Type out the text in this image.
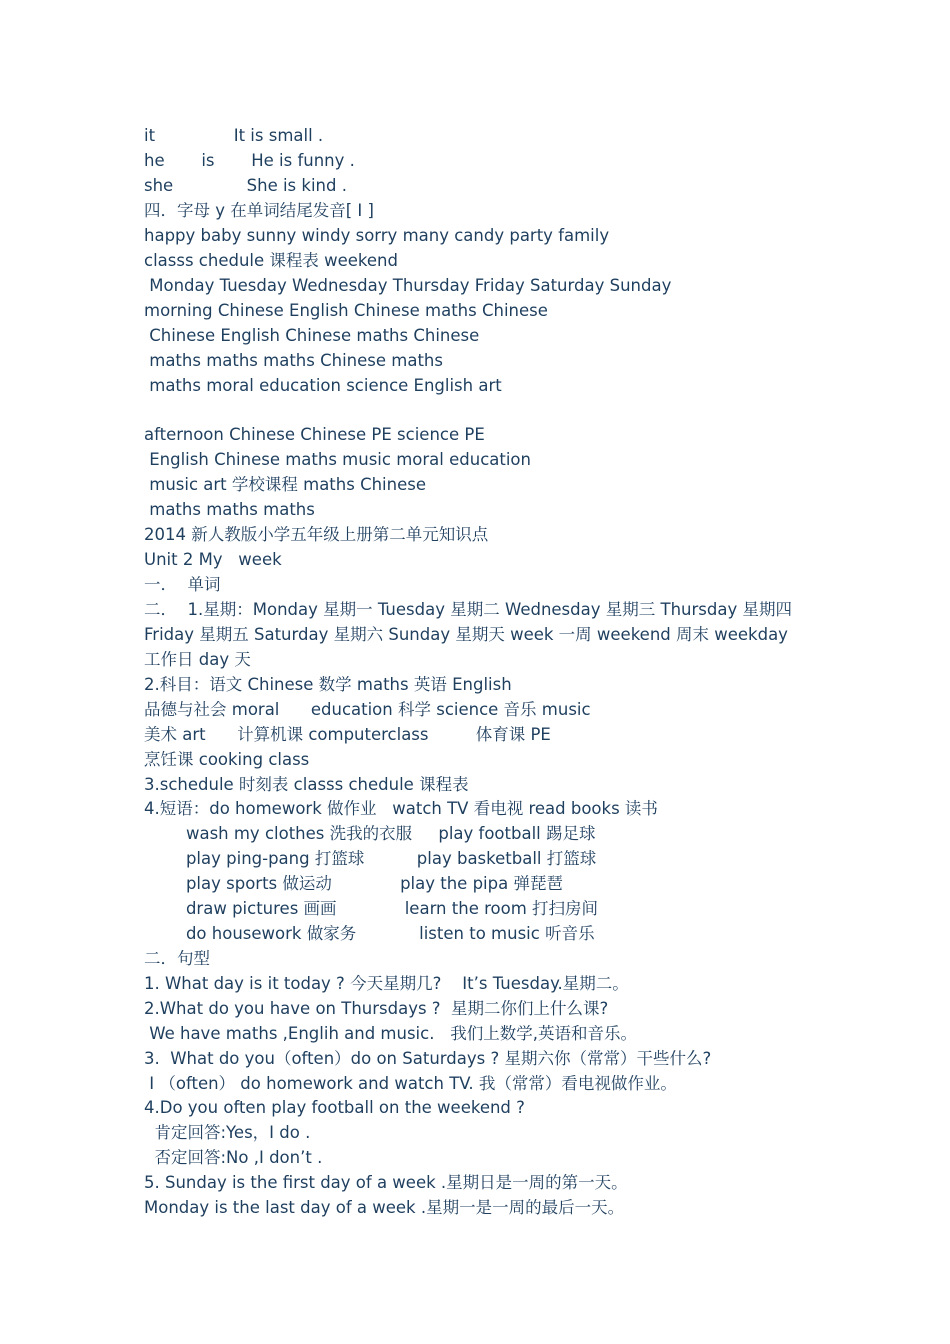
it               It is small .
he       is       He is funny .
she              She is kind .
四．字母 y 在单词结尾发音[ I ]
happy baby sunny windy sorry many candy party family
classs chedule 课程表 weekend
Monday Tuesday Wednesday Thursday Friday Saturday Sunday
morning Chinese English Chinese maths Chinese
Chinese English Chinese maths Chinese
maths maths maths Chinese maths
maths moral education science English art
afternoon Chinese Chinese PE science PE
English Chinese maths music moral education
music art 学校课程 maths Chinese
maths maths maths
2014 新人教版小学五年级上册第二单元知识点
Unit 2 My   week
一．  单词
二．  1.星期：Monday 星期一 Tuesday 星期二 Wednesday 星期三 Thursday 星期四
Friday 星期五 Saturday 星期六 Sunday 星期天 week 一周 weekend 周末 weekday
工作日 day 天
2.科目：语文 Chinese 数学 maths 英语 English
品德与社会 moral      education 科学 science 音乐 music
美术 art      计算机课 computerclass         体育课 PE
烹饪课 cooking class
3.schedule 时刻表 classs chedule 课程表
4.短语：do homework 做作业   watch TV 看电视 read books 读书
wash my clothes 洗我的衣服     play football 踢足球
play ping-pang 打篮球          play basketball 打篮球
play sports 做运动             play the pipa 弹琵琶
draw pictures 画画             learn the room 打扫房间
do housework 做家务            listen to music 听音乐
二．句型
1. What day is it today ? 今天星期几?    It’s Tuesday.星期二。
2.What do you have on Thursdays ?  星期二你们上什么课?
We have maths ,Englih and music.   我们上数学,英语和音乐。
3.  What do you（often）do on Saturdays ? 星期六你（常常）干些什么?
I （often） do homework and watch TV. 我（常常）看电视做作业。
4.Do you often play football on the weekend ?
肯定回答:Yes，I do .
否定回答:No ,I don’t .
5. Sunday is the first day of a week .星期日是一周的第一天。
Monday is the last day of a week .星期一是一周的最后一天。
